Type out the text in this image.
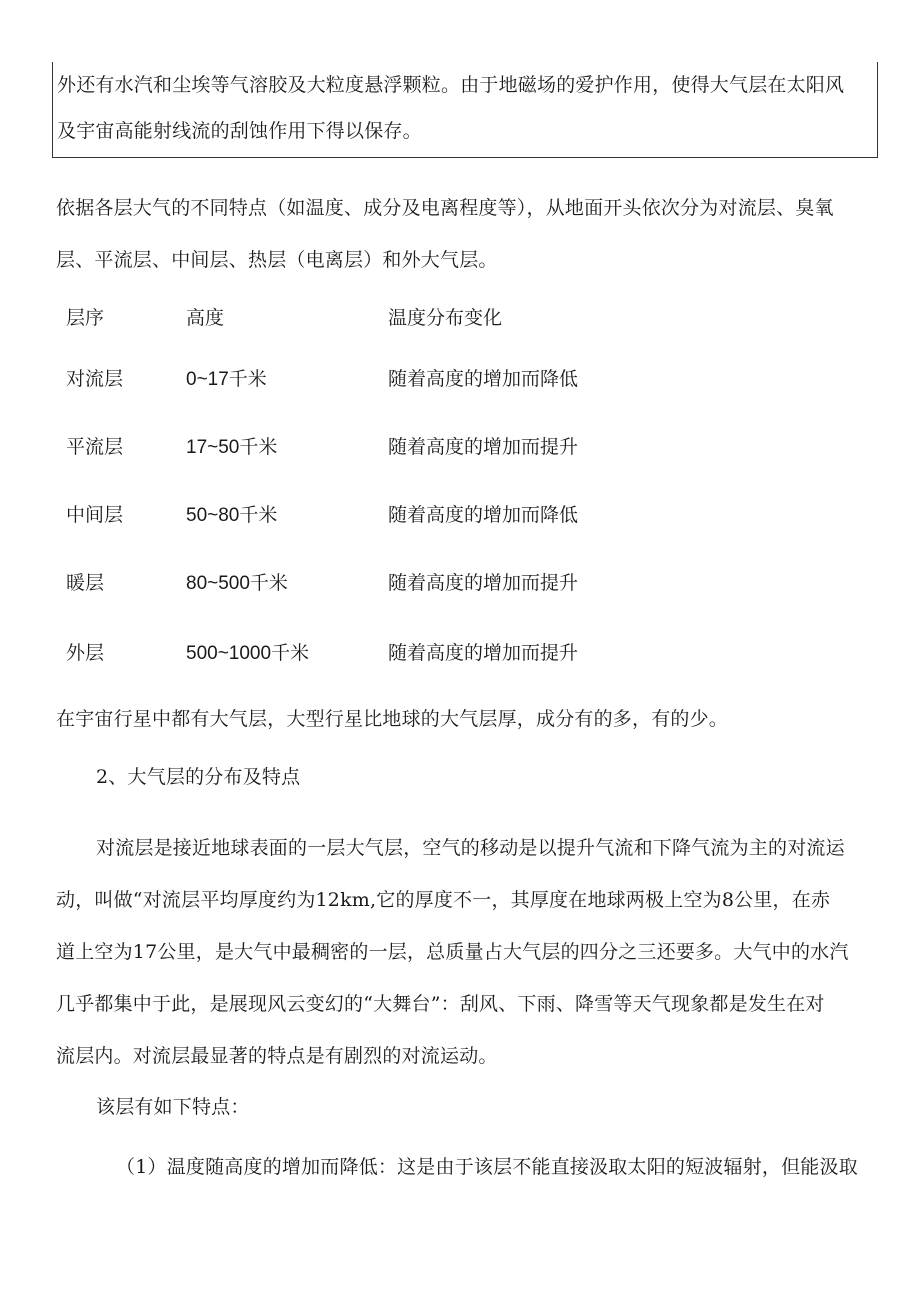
外还有水汽和尘埃等气溶胶及大粒度悬浮颗粒。由于地磁场的爱护作用，使得大气层在太阳风

及宇宙高能射线流的刮蚀作用下得以保存。

依据各层大气的不同特点（如温度、成分及电离程度等），从地面开头依次分为对流层、臭氧

层、平流层、中间层、热层（电离层）和外大气层。

层序	高度	温度分布变化
对流层	0~17千米	随着高度的增加而降低
平流层	17~50千米	随着高度的增加而提升
中间层	50~80千米	随着高度的增加而降低
暖层	80~500千米	随着高度的增加而提升
外层	500~1000千米	随着高度的增加而提升
在宇宙行星中都有大气层，大型行星比地球的大气层厚，成分有的多，有的少。
2、大气层的分布及特点

对流层是接近地球表面的一层大气层，空气的移动是以提升气流和下降气流为主的对流运

动，叫做“对流层平均厚度约为12km,它的厚度不一，其厚度在地球两极上空为8公里，在赤

道上空为17公里，是大气中最稠密的一层，总质量占大气层的四分之三还要多。大气中的水汽

几乎都集中于此，是展现风云变幻的“大舞台”：刮风、下雨、降雪等天气现象都是发生在对

流层内。对流层最显著的特点是有剧烈的对流运动。

该层有如下特点：
（1）温度随高度的增加而降低：这是由于该层不能直接汲取太阳的短波辐射，但能汲取
